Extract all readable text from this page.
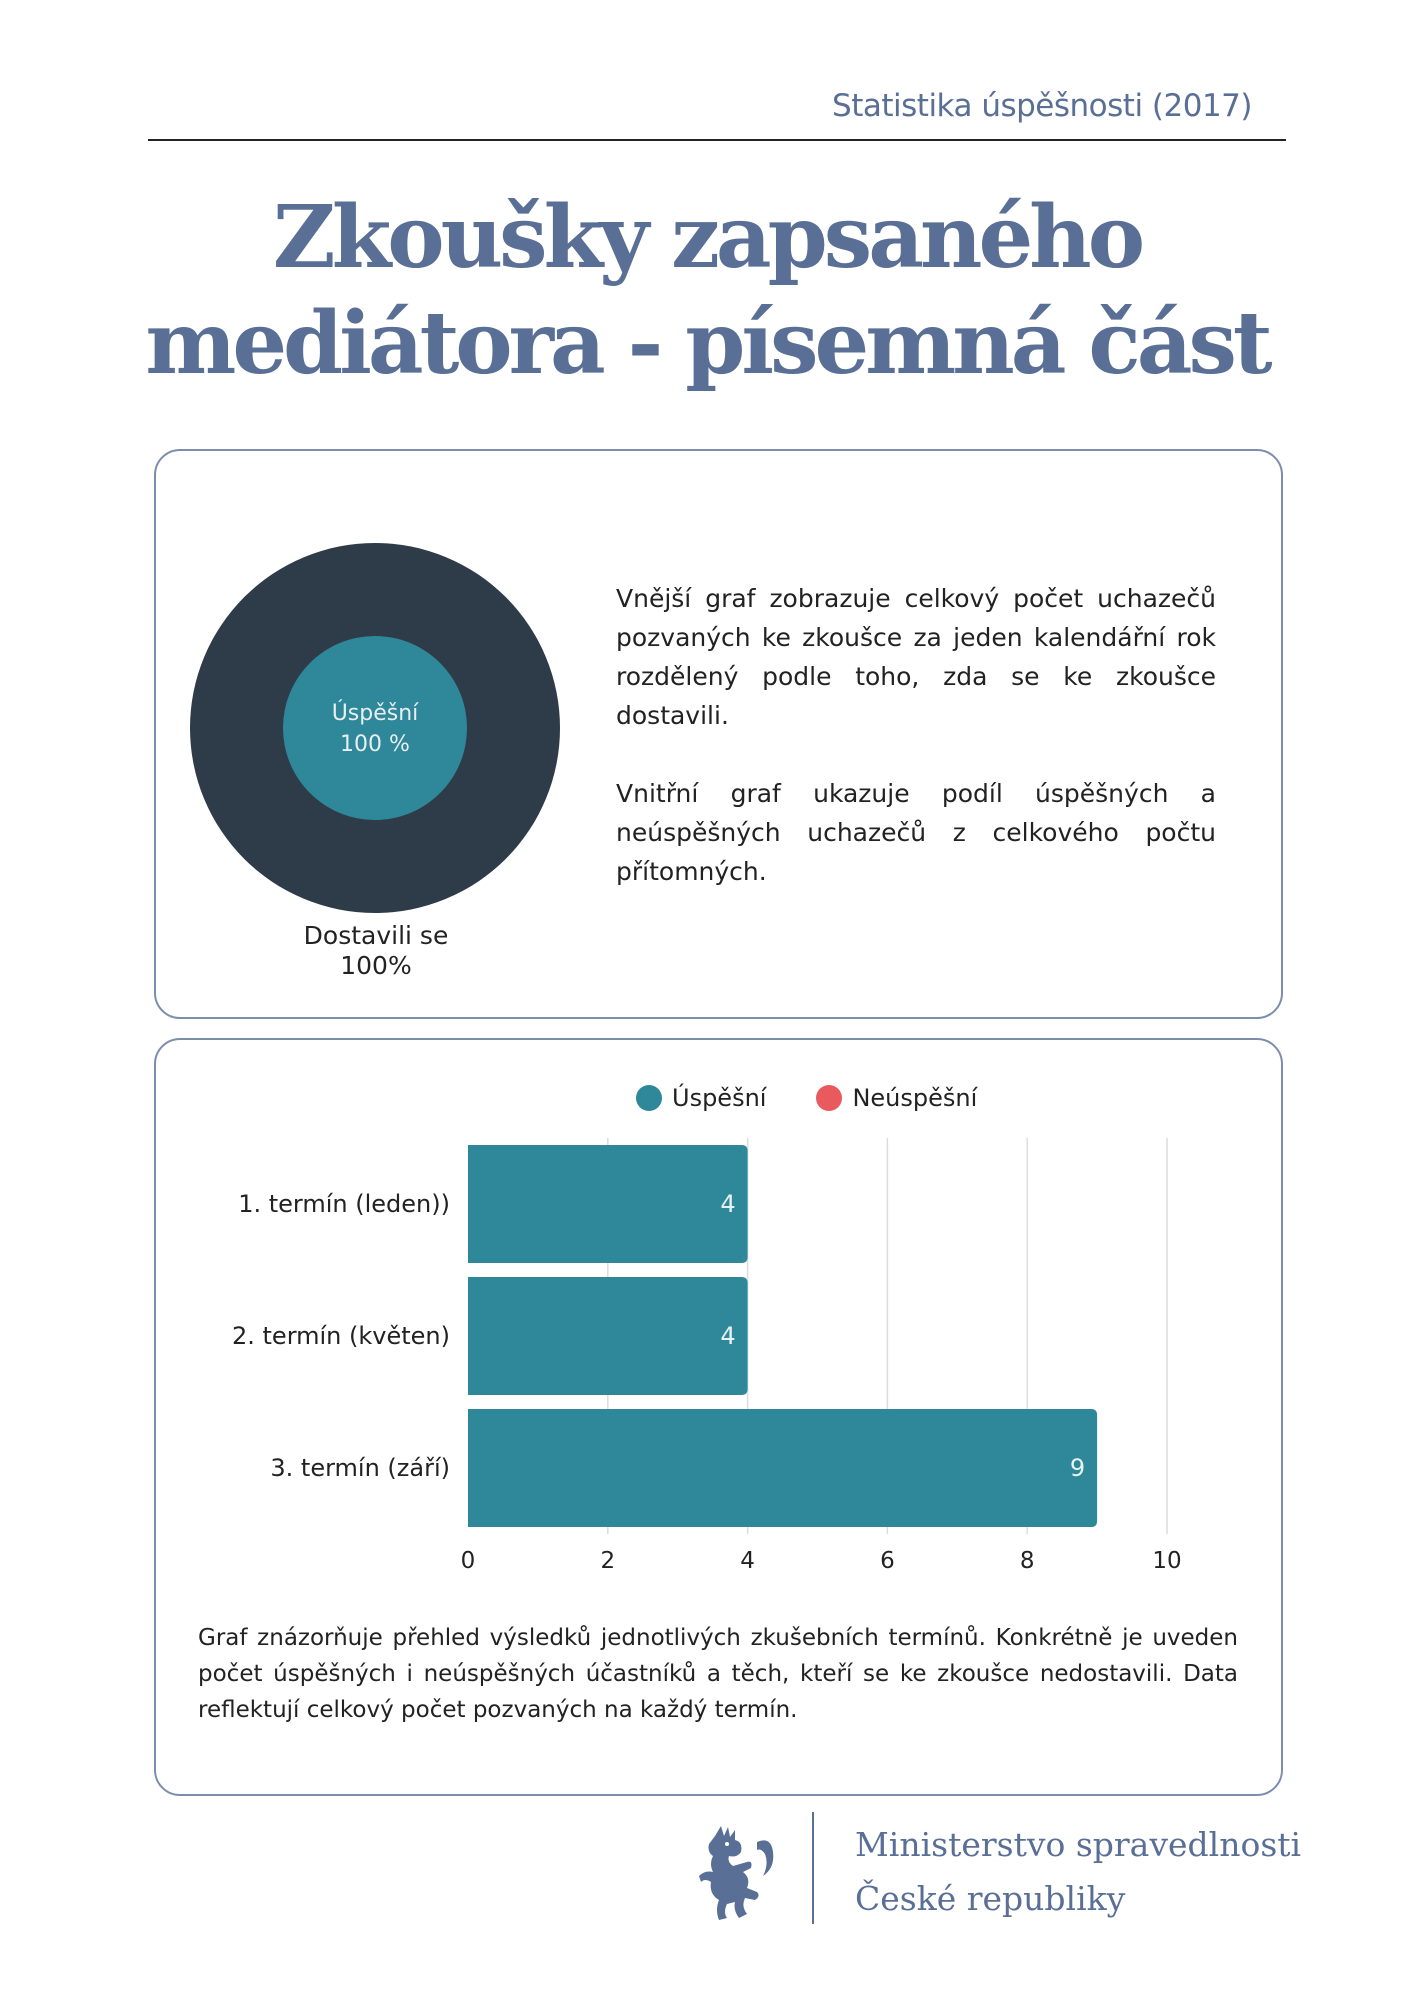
Statistika úspěšnosti (2017)
Zkoušky zapsaného
mediátora - písemná část
Úspěšní
100 %
Dostavili se
100%

Vnější graf zobrazuje celkový počet uchazečů pozvaných ke zkoušce za jeden kalendářní rok rozdělený podle toho, zda se ke zkoušce dostavili.

Vnitřní graf ukazuje podíl úspěšných a neúspěšných uchazečů z celkového počtu přítomných.

Úspěšní	Neúspěšní
0	2	4	6	8	10
1. termín (leden))	4
2. termín (květen)	4
3. termín (září)	9
Graf znázorňuje přehled výsledků jednotlivých zkušebních termínů. Konkrétně je uveden počet úspěšných i neúspěšných účastníků a těch, kteří se ke zkoušce nedostavili. Data reflektují celkový počet pozvaných na každý termín.
Ministerstvo spravedlnosti
České republiky
